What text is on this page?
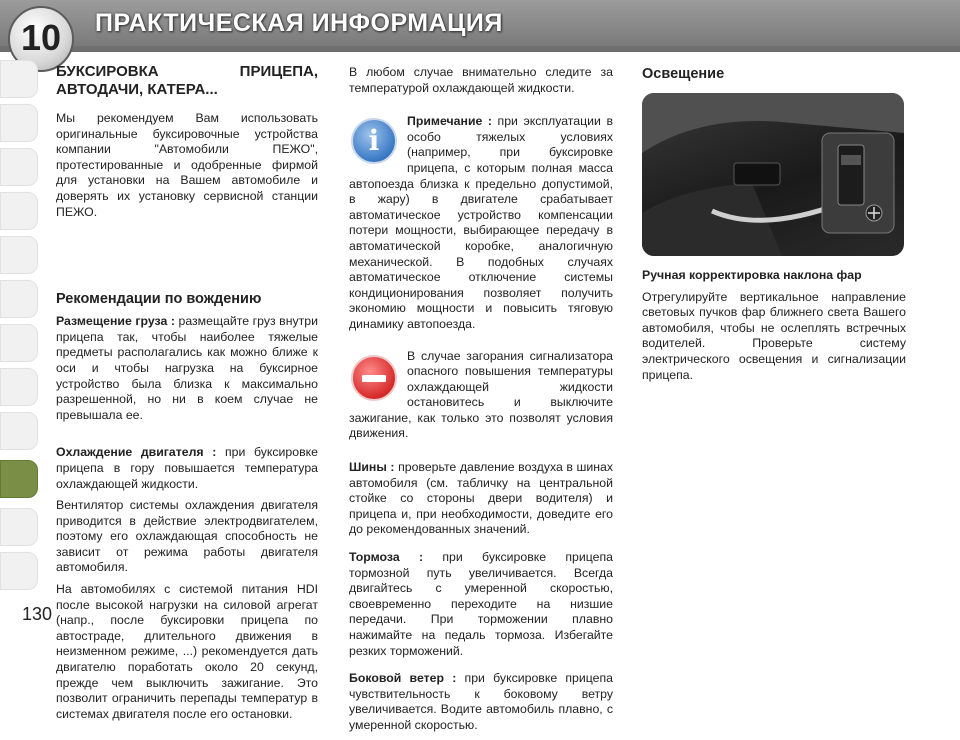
ПРАКТИЧЕСКАЯ ИНФОРМАЦИЯ
10
130
БУКСИРОВКА ПРИЦЕПА, АВТОДАЧИ, КАТЕРА...

Мы рекомендуем Вам использовать оригинальные буксировочные устройства компании "Автомобили ПЕЖО", протестированные и одобренные фирмой для установки на Вашем автомобиле и доверять их установку сервисной станции ПЕЖО.

Рекомендации по вождению

Размещение груза : размещайте груз внутри прицепа так, чтобы наиболее тяжелые предметы располагались как можно ближе к оси и чтобы нагрузка на буксирное устройство была близка к максимально разрешенной, но ни в коем случае не превышала ее.

Охлаждение двигателя : при буксировке прицепа в гору повышается температура охлаждающей жидкости.

Вентилятор системы охлаждения двигателя приводится в действие электродвигателем, поэтому его охлаждающая способность не зависит от режима работы двигателя автомобиля.

На автомобилях с системой питания HDI после высокой нагрузки на силовой агрегат (напр., после буксировки прицепа по автостраде, длительного движения в неизменном режиме, ...) рекомендуется дать двигателю поработать около 20 секунд, прежде чем выключить зажигание. Это позволит ограничить перепады температур в системах двигателя после его остановки.

В любом случае внимательно следите за температурой охлаждающей жидкости.

i
Примечание : при эксплуатации в особо тяжелых условиях (например, при буксировке прицепа, с которым полная масса автопоезда близка к предельно допустимой, в жару) в двигателе срабатывает автоматическое устройство компенсации потери мощности, выбирающее передачу в автоматической коробке, аналогичную механической. В подобных случаях автоматическое отключение системы кондиционирования позволяет получить экономию мощности и повысить тяговую динамику автопоезда.
В случае загорания сигнализатора опасного повышения температуры охлаждающей жидкости остановитесь и выключите зажигание, как только это позволят условия движения.

Шины : проверьте давление воздуха в шинах автомобиля (см. табличку на центральной стойке со стороны двери водителя) и прицепа и, при необходимости, доведите его до рекомендованных значений.

Тормоза : при буксировке прицепа тормозной путь увеличивается. Всегда двигайтесь с умеренной скоростью, своевременно переходите на низшие передачи. При торможении плавно нажимайте на педаль тормоза. Избегайте резких торможений.

Боковой ветер : при буксировке прицепа чувствительность к боковому ветру увеличивается. Водите автомобиль плавно, с умеренной скоростью.

Освещение
Ручная корректировка наклона фар

Отрегулируйте вертикальное направление световых пучков фар ближнего света Вашего автомобиля, чтобы не ослеплять встречных водителей. Проверьте систему электрического освещения и сигнализации прицепа.
